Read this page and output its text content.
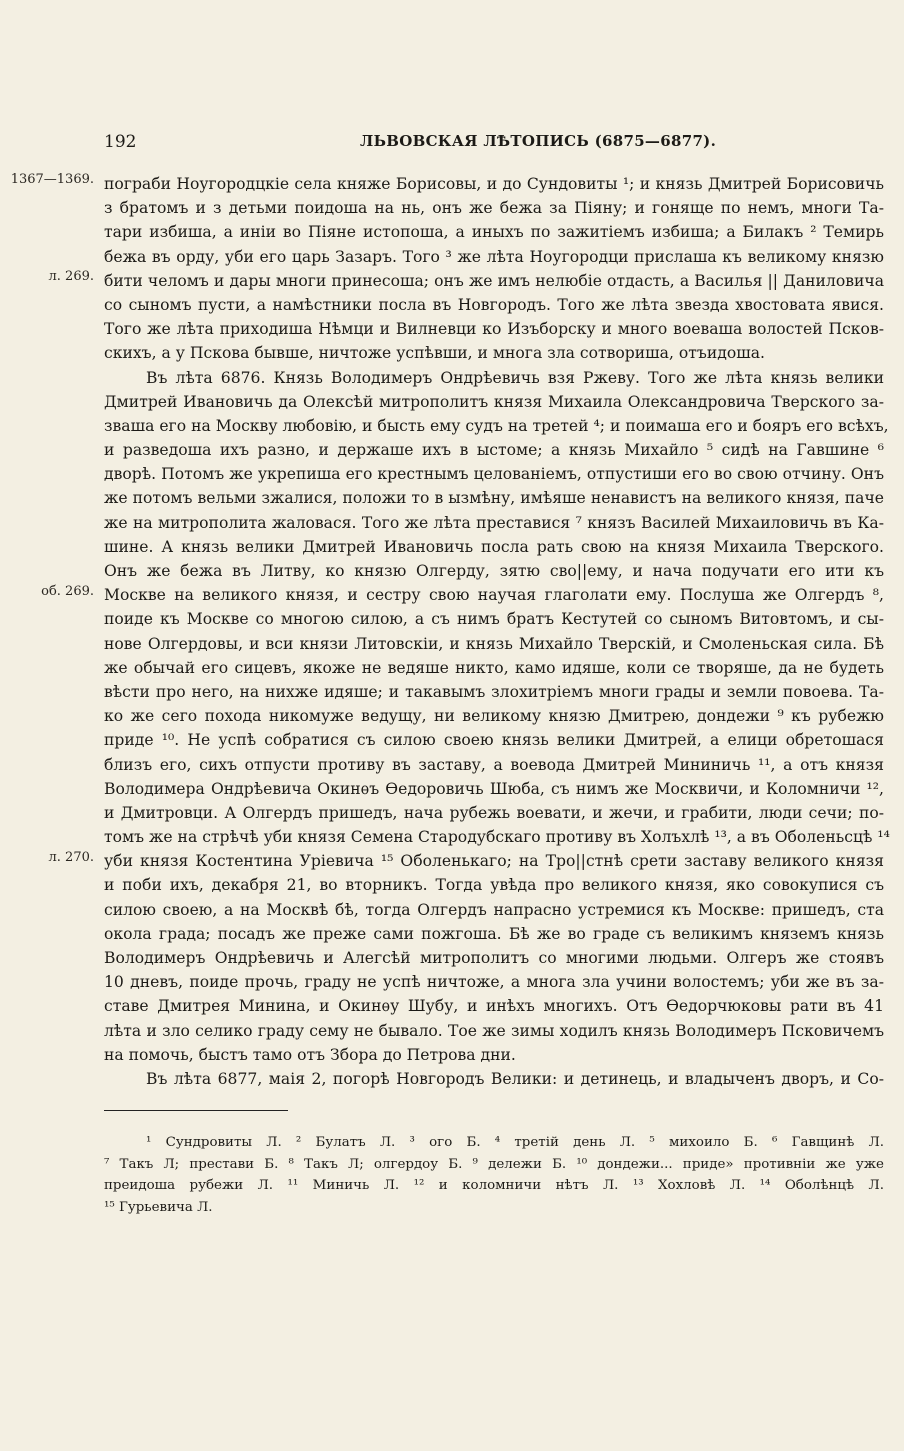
192	ЛЬВОВСКАЯ ЛѢТОПИСЬ (6875—6877).
1367—1369.
л. 269.
об. 269.
л. 270.
пограби Ноугородцкіе села княже Борисовы, и до Сундовиты ¹; и князь Дмитрей Борисовичь
з братомъ и з детьми поидоша на нь, онъ же бежа за Піяну; и гоняще по немъ, многи Та-
тари избиша, а иніи во Піяне истопоша, а иныхъ по зажитіемъ избиша; а Билакъ ² Темирь
бежа въ орду, уби его царь Зазаръ. Того ³ же лѣта Ноугородци прислаша къ великому князю
бити челомъ и дары многи принесоша; онъ же имъ нелюбіе отдасть, а Василья || Даниловича
со сыномъ пусти, а намѣстники посла въ Новгородъ. Того же лѣта звезда хвостовата явися.
Того же лѣта приходиша Нѣмци и Вилневци ко Изъборску и много воеваша волостей Псков-
скихъ, а у Пскова бывше, ничтоже успѣвши, и многа зла сотвориша, отъидоша.
Въ лѣта 6876. Князь Володимеръ Ондрѣевичь взя Ржеву. Того же лѣта князь велики
Дмитрей Ивановичь да Олексѣй митрополитъ князя Михаила Олександровича Тверского за-
зваша его на Москву любовію, и бысть ему судъ на третей ⁴; и поимаша его и бояръ его всѣхъ,
и разведоша ихъ разно, и держаше ихъ в ыстоме; а князь Михайло ⁵ сидѣ на Гавшине ⁶
дворѣ. Потомъ же укрепиша его крестнымъ целованіемъ, отпустиши его во свою отчину. Онъ
же потомъ вельми зжалися, положи то в ызмѣну, имѣяше ненавистъ на великого князя, паче
же на митрополита жаловася. Того же лѣта преставися ⁷ князъ Василей Михаиловичь въ Ка-
шине. А князь велики Дмитрей Ивановичь посла рать свою на князя Михаила Тверского.
Онъ же бежа въ Литву, ко князю Олгерду, зятю сво||ему, и нача подучати его ити къ
Москве на великого князя, и сестру свою научая глаголати ему. Послуша же Олгердъ ⁸,
поиде къ Москве со многою силою, а съ нимъ братъ Кестутей со сыномъ Витовтомъ, и сы-
нове Олгердовы, и вси князи Литовскіи, и князь Михайло Тверскій, и Смоленьская сила. Бѣ
же обычай его сицевъ, якоже не ведяше никто, камо идяше, коли се творяше, да не будеть
вѣсти про него, на нихже идяше; и такавымъ злохитріемъ многи грады и земли повоева. Та-
ко же сего похода никомуже ведущу, ни великому князю Дмитрею, дондежи ⁹ къ рубежю
приде ¹⁰. Не успѣ собратися съ силою своею князь велики Дмитрей, а елици обретошася
близъ его, сихъ отпусти противу въ заставу, а воевода Дмитрей Мининичь ¹¹, а отъ князя
Володимера Ондрѣевича Окинѳъ Ѳедоровичь Шюба, съ нимъ же Москвичи, и Коломничи ¹²,
и Дмитровци. А Олгердъ пришедъ, нача рубежь воевати, и жечи, и грабити, люди сечи; по-
томъ же на стрѣчѣ уби князя Семена Стародубскаго противу въ Холъхлѣ ¹³, а въ Оболеньсцѣ ¹⁴
уби князя Костентина Уріевича ¹⁵ Оболенькаго; на Тро||стнѣ срети заставу великого князя
и поби ихъ, декабря 21, во вторникъ. Тогда увѣда про великого князя, яко совокупися съ
силою своею, а на Москвѣ бѣ, тогда Олгердъ напрасно устремися къ Москве: пришедъ, ста
окола града; посадъ же преже сами пожгоша. Бѣ же во граде съ великимъ княземъ князь
Володимеръ Ондрѣевичь и Алегсѣй митрополитъ со многими людьми. Олгеръ же стоявъ
10 дневъ, поиде прочь, граду не успѣ ничтоже, а многа зла учини волостемъ; уби же въ за-
ставе Дмитрея Минина, и Окинѳу Шубу, и инѣхъ многихъ. Отъ Ѳедорчюковы рати въ 41
лѣта и зло селико граду сему не бывало. Тое же зимы ходилъ князь Володимеръ Псковичемъ на помочь, быстъ тамо отъ Збора до Петрова дни.
Въ лѣта 6877, маія 2, погорѣ Новгородъ Велики: и детинець, и владыченъ дворъ, и Со-
¹ Сундровиты Л. ² Булатъ Л. ³ ого Б. ⁴ третій день Л. ⁵ михоило Б. ⁶ Гавщинѣ Л.
⁷ Такъ Л; престави Б. ⁸ Такъ Л; олгердоу Б. ⁹ дележи Б. ¹⁰ дондежи... приде» противніи же уже
преидоша рубежи Л. ¹¹ Миничь Л. ¹² и коломничи нѣтъ Л. ¹³ Хохловѣ Л. ¹⁴ Оболѣнцѣ Л.
¹⁵ Гурьевича Л.
